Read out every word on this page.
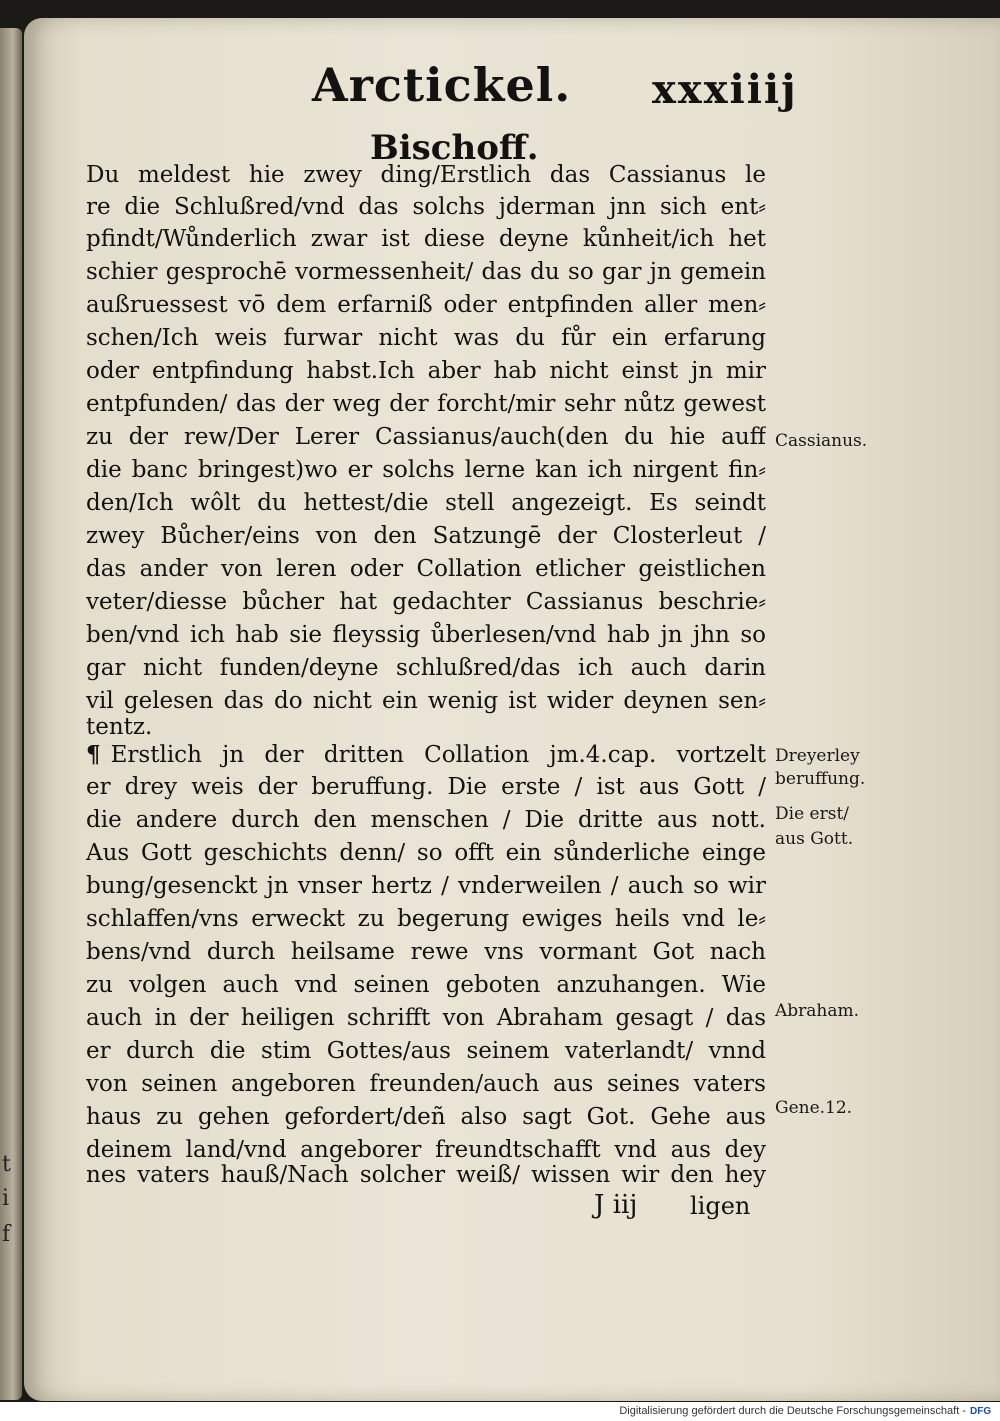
i
t
f
Arctickel. xxxiiij
Bischoff.
Du meldest hie zwey ding/Erstlich das Cassianus le
re die Schlußred/vnd das solchs jderman jnn sich ent⸗
pfindt/Wůnderlich zwar ist diese deyne kůnheit/ich het
schier gesprochē vormessenheit/ das du so gar jn gemein
außruessest vō dem erfarniß oder entpfinden aller men⸗
schen/Ich weis furwar nicht was du fůr ein erfarung
oder entpfindung habst.Ich aber hab nicht einst jn mir
entpfunden/ das der weg der forcht/mir sehr nůtz gewest
zu der rew/Der Lerer Cassianus/auch(den du hie auff
die banc bringest)wo er solchs lerne kan ich nirgent fin⸗
den/Ich wôlt du hettest/die stell angezeigt. Es seindt
zwey Bůcher/eins von den Satzungē der Closterleut /
das ander von leren oder Collation etlicher geistlichen
veter/diesse bůcher hat gedachter Cassianus beschrie⸗
ben/vnd ich hab sie fleyssig ůberlesen/vnd hab jn jhn so
gar nicht funden/deyne schlußred/das ich auch darin
vil gelesen das do nicht ein wenig ist wider deynen sen⸗
tentz.
¶ Erstlich jn der dritten Collation jm.4.cap. vortzelt
er drey weis der beruffung. Die erste / ist aus Gott /
die andere durch den menschen / Die dritte aus nott.
Aus Gott geschichts denn/ so offt ein sůnderliche einge
bung/gesenckt jn vnser hertz / vnderweilen / auch so wir
schlaffen/vns erweckt zu begerung ewiges heils vnd le⸗
bens/vnd durch heilsame rewe vns vormant Got nach
zu volgen auch vnd seinen geboten anzuhangen. Wie
auch in der heiligen schrifft von Abraham gesagt / das
er durch die stim Gottes/aus seinem vaterlandt/ vnnd
von seinen angeboren freunden/auch aus seines vaters
haus zu gehen gefordert/deñ also sagt Got. Gehe aus
deinem land/vnd angeborer freundtschafft vnd aus dey
nes vaters hauß/Nach solcher weiß/ wissen wir den hey
Cassianus.
Dreyerley
beruffung.
Die erst/
aus Gott.
Abraham.
Gene.12.
J iij ligen
Digitalisierung gefördert durch die Deutsche Forschungsgemeinschaft - DFG
